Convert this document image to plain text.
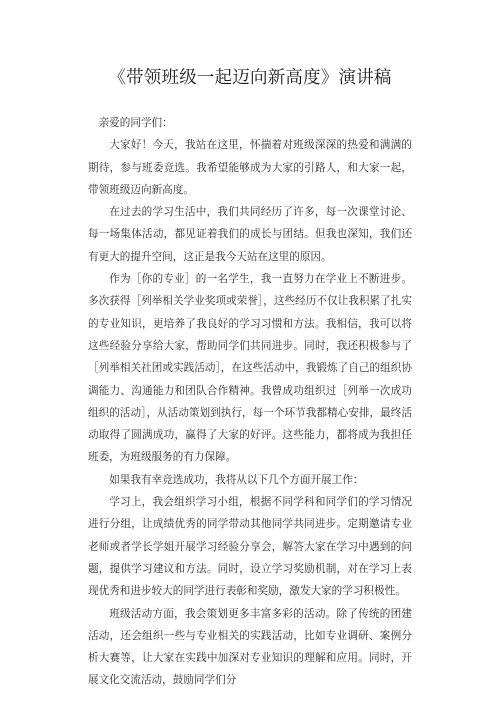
《带领班级一起迈向新高度》演讲稿

亲爱的同学们：

大家好！今天，我站在这里，怀揣着对班级深深的热爱和满满的期待，参与班委竞选。我希望能够成为大家的引路人，和大家一起，带领班级迈向新高度。

在过去的学习生活中，我们共同经历了许多，每一次课堂讨论、每一场集体活动，都见证着我们的成长与团结。但我也深知，我们还有更大的提升空间，这正是我今天站在这里的原因。

作为［你的专业］的一名学生，我一直努力在学业上不断进步。多次获得［列举相关学业奖项或荣誉］，这些经历不仅让我积累了扎实的专业知识，更培养了我良好的学习习惯和方法。我相信，我可以将这些经验分享给大家，帮助同学们共同进步。同时，我还积极参与了［列举相关社团或实践活动］，在这些活动中，我锻炼了自己的组织协调能力、沟通能力和团队合作精神。我曾成功组织过［列举一次成功组织的活动］，从活动策划到执行，每一个环节我都精心安排，最终活动取得了圆满成功，赢得了大家的好评。这些能力，都将成为我担任班委，为班级服务的有力保障。

如果我有幸竞选成功，我将从以下几个方面开展工作：

学习上，我会组织学习小组，根据不同学科和同学们的学习情况进行分组，让成绩优秀的同学带动其他同学共同进步。定期邀请专业老师或者学长学姐开展学习经验分享会，解答大家在学习中遇到的问题，提供学习建议和方法。同时，设立学习奖励机制，对在学习上表现优秀和进步较大的同学进行表彰和奖励，激发大家的学习积极性。

班级活动方面，我会策划更多丰富多彩的活动。除了传统的团建活动，还会组织一些与专业相关的实践活动，比如专业调研、案例分析大赛等，让大家在实践中加深对专业知识的理解和应用。同时，开展文化交流活动，鼓励同学们分
